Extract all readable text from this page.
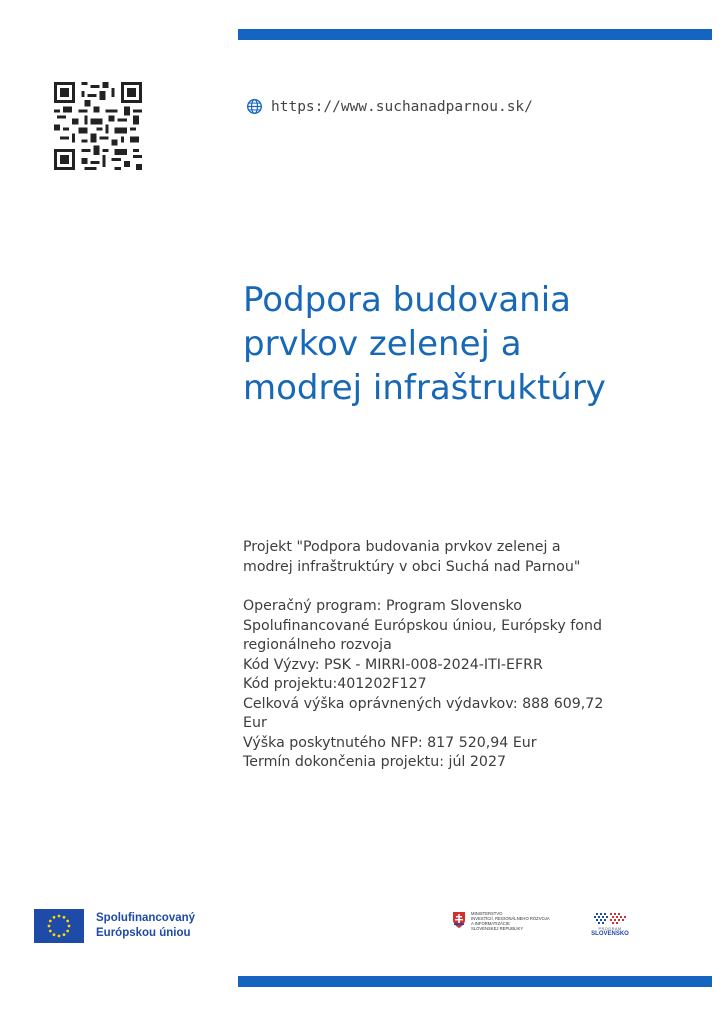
https://www.suchanadparnou.sk/
Podpora budovania
prvkov zelenej a
modrej infraštruktúry
Projekt "Podpora budovania prvkov zelenej a
modrej infraštruktúry v obci Suchá nad Parnou"
Operačný program: Program Slovensko
Spolufinancované Európskou úniou, Európsky fond
regionálneho rozvoja
Kód Výzvy: PSK - MIRRI-008-2024-ITI-EFRR
Kód projektu:401202F127
Celková výška oprávnených výdavkov: 888 609,72
Eur
Výška poskytnutého NFP: 817 520,94 Eur
Termín dokončenia projektu: júl 2027
Spolufinancovaný
Európskou úniou
MINISTERSTVO
INVESTÍCIÍ, REGIONÁLNEHO ROZVOJA
A INFORMATIZÁCIE
SLOVENSKEJ REPUBLIKY	PROGRAM
SLOVENSKO
